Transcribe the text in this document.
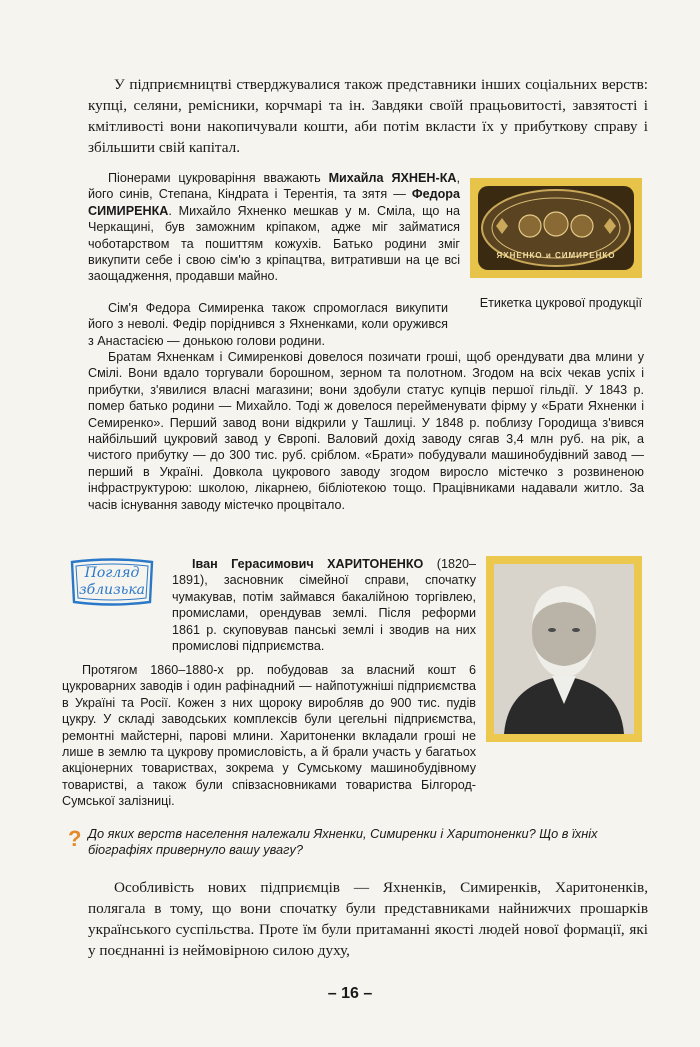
У підприємництві стверджувалися також представники інших соціальних верств: купці, селяни, ремісники, корчмарі та ін. Завдяки своїй працьовитості, завзятості і кмітливості вони накопичували кошти, аби потім вкласти їх у прибуткову справу і збільшити свій капітал.

Піонерами цукроваріння вважають Михайла ЯХНЕН-КА, його синів, Степана, Кіндрата і Терентія, та зятя — Федора СИМИРЕНКА. Михайло Яхненко мешкав у м. Сміла, що на Черкащині, був заможним кріпаком, адже міг займатися чоботарством та пошиттям кожухів. Батько родини зміг викупити себе і свою сім'ю з кріпацтва, витративши на це всі заощадження, продавши майно.

Сім'я Федора Симиренка також спромоглася викупити його з неволі. Федір поріднився з Яхненками, коли оружився з Анастасією — донькою голови родини.

Братам Яхненкам і Симиренкові довелося позичати гроші, щоб орендувати два млини у Смілі. Вони вдало торгували борошном, зерном та полотном. Згодом на всіх чекав успіх і прибутки, з'явилися власні магазини; вони здобули статус купців першої гільдії. У 1843 р. помер батько родини — Михайло. Тоді ж довелося перейменувати фірму у «Брати Яхненки і Семиренко». Перший завод вони відкрили у Ташлиці. У 1848 р. поблизу Городища з'вився найбільший цукровий завод у Європі. Валовий дохід заводу сягав 3,4 млн руб. на рік, а чистого прибутку — до 300 тис. руб. сріблом. «Брати» побудували машинобудівний завод — перший в Україні. Довкола цукрового заводу згодом виросло містечко з розвиненою інфраструктурою: школою, лікарнею, бібліотекою тощо. Працівниками надавали житло. За часів існування заводу містечко процвітало.

ЯХНЕНКО и СИМИРЕНКО
Етикетка цукрової продукції
Погляд
зблизька

Іван Герасимович ХАРИТОНЕНКО (1820–1891), засновник сімейної справи, спочатку чумакував, потім займався бакалійною торгівлею, промислами, орендував землі. Після реформи 1861 р. скуповував панські землі і зводив на них промислові підприємства.

Протягом 1860–1880-х рр. побудовав за власний кошт 6 цукроварних заводів і один рафінадний — найпотужніші підприємства в Україні та Росії. Кожен з них щороку виробляв до 900 тис. пудів цукру. У складі заводських комплексів були цегельні підприємства, ремонтні майстерні, парові млини. Харитоненки вкладали гроші не лише в землю та цукрову промисловість, а й брали участь у багатьох акціонерних товариствах, зокрема у Сумському машинобудівному товаристві, а також були співзасновниками товариства Білгород-Сумської залізниці.

? До яких верств населення належали Яхненки, Симиренки і Харитоненки? Що в їхніх біографіях привернуло вашу увагу?

Особливість нових підприємців — Яхненків, Симиренків, Харитоненків, полягала в тому, що вони спочатку були представниками найнижчих прошарків українського суспільства. Проте їм були притаманні якості людей нової формації, які у поєднанні із неймовірною силою духу,

– 16 –
